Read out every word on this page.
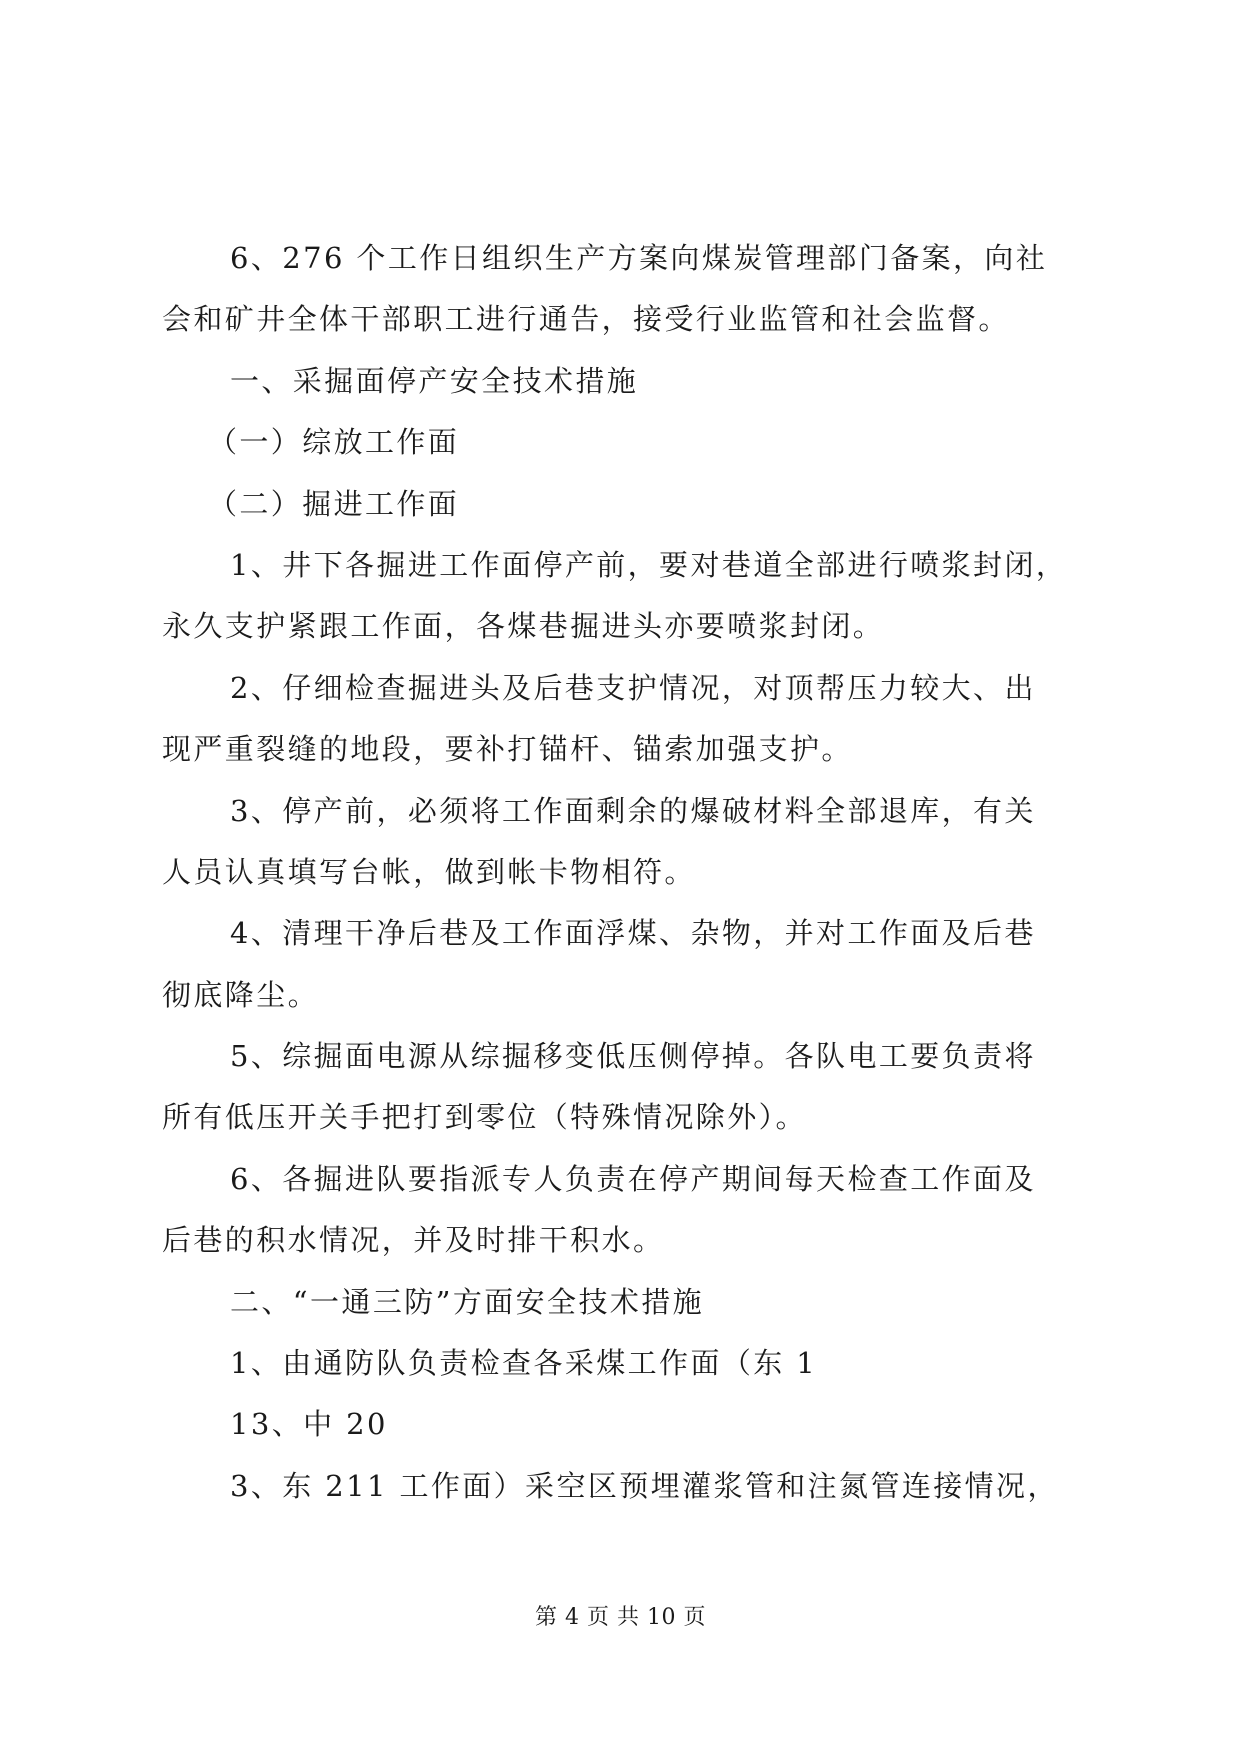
6、276 个工作日组织生产方案向煤炭管理部门备案，向社
会和矿井全体干部职工进行通告，接受行业监管和社会监督。
一、采掘面停产安全技术措施
（一）综放工作面
（二）掘进工作面
1、井下各掘进工作面停产前，要对巷道全部进行喷浆封闭，
永久支护紧跟工作面，各煤巷掘进头亦要喷浆封闭。
2、仔细检查掘进头及后巷支护情况，对顶帮压力较大、出
现严重裂缝的地段，要补打锚杆、锚索加强支护。
3、停产前，必须将工作面剩余的爆破材料全部退库，有关
人员认真填写台帐，做到帐卡物相符。
4、清理干净后巷及工作面浮煤、杂物，并对工作面及后巷
彻底降尘。
5、综掘面电源从综掘移变低压侧停掉。各队电工要负责将
所有低压开关手把打到零位（特殊情况除外）。
6、各掘进队要指派专人负责在停产期间每天检查工作面及
后巷的积水情况，并及时排干积水。
二、“一通三防”方面安全技术措施
1、由通防队负责检查各采煤工作面（东 1
13、中 20
3、东 211 工作面）采空区预埋灌浆管和注氮管连接情况，
第 4 页 共 10 页
